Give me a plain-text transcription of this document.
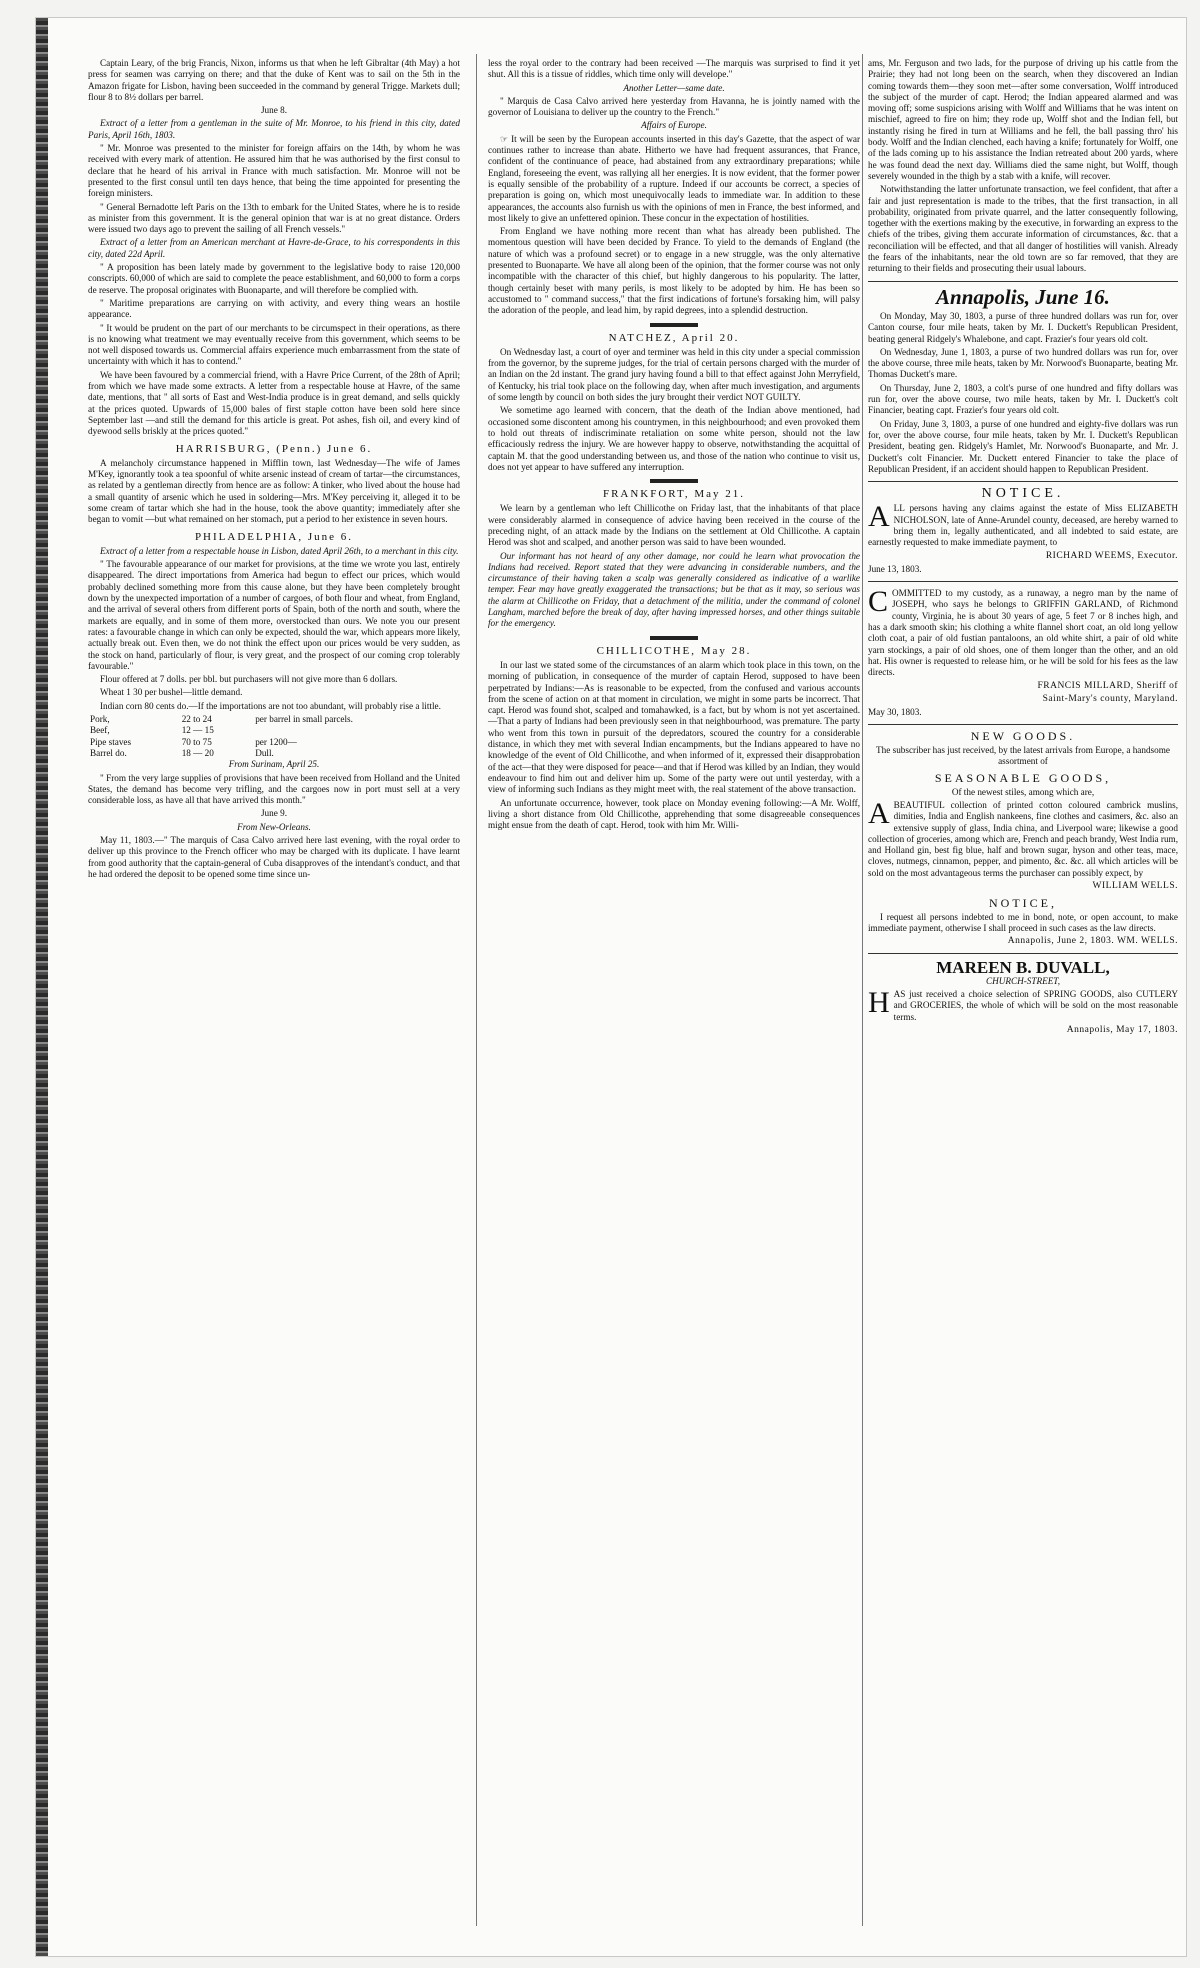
Captain Leary, of the brig Francis, Nixon, informs us that when he left Gibraltar (4th May) a hot press for seamen was carrying on there; and that the duke of Kent was to sail on the 5th in the Amazon frigate for Lisbon, having been succeeded in the command by general Trigge. Markets dull; flour 8 to 8½ dollars per barrel.

June 8.

Extract of a letter from a gentleman in the suite of Mr. Monroe, to his friend in this city, dated Paris, April 16th, 1803.

" Mr. Monroe was presented to the minister for foreign affairs on the 14th, by whom he was received with every mark of attention. He assured him that he was authorised by the first consul to declare that he heard of his arrival in France with much satisfaction. Mr. Monroe will not be presented to the first consul until ten days hence, that being the time appointed for presenting the foreign ministers.

" General Bernadotte left Paris on the 13th to embark for the United States, where he is to reside as minister from this government. It is the general opinion that war is at no great distance. Orders were issued two days ago to prevent the sailing of all French vessels."

Extract of a letter from an American merchant at Havre-de-Grace, to his correspondents in this city, dated 22d April.

" A proposition has been lately made by government to the legislative body to raise 120,000 conscripts. 60,000 of which are said to complete the peace establishment, and 60,000 to form a corps de reserve. The proposal originates with Buonaparte, and will therefore be complied with.

" Maritime preparations are carrying on with activity, and every thing wears an hostile appearance.

" It would be prudent on the part of our merchants to be circumspect in their operations, as there is no knowing what treatment we may eventually receive from this government, which seems to be not well disposed towards us. Commercial affairs experience much embarrassment from the state of uncertainty with which it has to contend."

We have been favoured by a commercial friend, with a Havre Price Current, of the 28th of April; from which we have made some extracts. A letter from a respectable house at Havre, of the same date, mentions, that " all sorts of East and West-India produce is in great demand, and sells quickly at the prices quoted. Upwards of 15,000 bales of first staple cotton have been sold here since September last —and still the demand for this article is great. Pot ashes, fish oil, and every kind of dyewood sells briskly at the prices quoted."

HARRISBURG, (Penn.) June 6.

A melancholy circumstance happened in Mifflin town, last Wednesday—The wife of James M'Key, ignorantly took a tea spoonful of white arsenic instead of cream of tartar—the circumstances, as related by a gentleman directly from hence are as follow: A tinker, who lived about the house had a small quantity of arsenic which he used in soldering—Mrs. M'Key perceiving it, alleged it to be some cream of tartar which she had in the house, took the above quantity; immediately after she began to vomit —but what remained on her stomach, put a period to her existence in seven hours.

PHILADELPHIA, June 6.

Extract of a letter from a respectable house in Lisbon, dated April 26th, to a merchant in this city.

" The favourable appearance of our market for provisions, at the time we wrote you last, entirely disappeared. The direct importations from America had begun to effect our prices, which would probably declined something more from this cause alone, but they have been completely brought down by the unexpected importation of a number of cargoes, of both flour and wheat, from England, and the arrival of several others from different ports of Spain, both of the north and south, where the markets are equally, and in some of them more, overstocked than ours. We note you our present rates: a favourable change in which can only be expected, should the war, which appears more likely, actually break out. Even then, we do not think the effect upon our prices would be very sudden, as the stock on hand, particularly of flour, is very great, and the prospect of our coming crop tolerably favourable."

Flour offered at 7 dolls. per bbl. but purchasers will not give more than 6 dollars.

Wheat 1 30 per bushel—little demand.

Indian corn 80 cents do.—If the importations are not too abundant, will probably rise a little.

Pork,	22 to 24	per barrel in small parcels.
Beef,	12 — 15	
Pipe staves	70 to 75	per 1200—
Barrel do.	18 — 20	Dull.

From Surinam, April 25.

" From the very large supplies of provisions that have been received from Holland and the United States, the demand has become very trifling, and the cargoes now in port must sell at a very considerable loss, as have all that have arrived this month."

June 9.

From New-Orleans.

May 11, 1803.—" The marquis of Casa Calvo arrived here last evening, with the royal order to deliver up this province to the French officer who may be charged with its duplicate. I have learnt from good authority that the captain-general of Cuba disapproves of the intendant's conduct, and that he had ordered the deposit to be opened some time since un-

less the royal order to the contrary had been received —The marquis was surprised to find it yet shut. All this is a tissue of riddles, which time only will develope."

Another Letter—same date.

" Marquis de Casa Calvo arrived here yesterday from Havanna, he is jointly named with the governor of Louisiana to deliver up the country to the French."

Affairs of Europe.

☞ It will be seen by the European accounts inserted in this day's Gazette, that the aspect of war continues rather to increase than abate. Hitherto we have had frequent assurances, that France, confident of the continuance of peace, had abstained from any extraordinary preparations; while England, foreseeing the event, was rallying all her energies. It is now evident, that the former power is equally sensible of the probability of a rupture. Indeed if our accounts be correct, a species of preparation is going on, which most unequivocally leads to immediate war. In addition to these appearances, the accounts also furnish us with the opinions of men in France, the best informed, and most likely to give an unfettered opinion. These concur in the expectation of hostilities.

From England we have nothing more recent than what has already been published. The momentous question will have been decided by France. To yield to the demands of England (the nature of which was a profound secret) or to engage in a new struggle, was the only alternative presented to Buonaparte. We have all along been of the opinion, that the former course was not only incompatible with the character of this chief, but highly dangerous to his popularity. The latter, though certainly beset with many perils, is most likely to be adopted by him. He has been so accustomed to " command success," that the first indications of fortune's forsaking him, will palsy the adoration of the people, and lead him, by rapid degrees, into a splendid destruction.

NATCHEZ, April 20.

On Wednesday last, a court of oyer and terminer was held in this city under a special commission from the governor, by the supreme judges, for the trial of certain persons charged with the murder of an Indian on the 2d instant. The grand jury having found a bill to that effect against John Merryfield, of Kentucky, his trial took place on the following day, when after much investigation, and arguments of some length by council on both sides the jury brought their verdict NOT GUILTY.

We sometime ago learned with concern, that the death of the Indian above mentioned, had occasioned some discontent among his countrymen, in this neighbourhood; and even provoked them to hold out threats of indiscriminate retaliation on some white person, should not the law efficaciously redress the injury. We are however happy to observe, notwithstanding the acquittal of captain M. that the good understanding between us, and those of the nation who continue to visit us, does not yet appear to have suffered any interruption.

FRANKFORT, May 21.

We learn by a gentleman who left Chillicothe on Friday last, that the inhabitants of that place were considerably alarmed in consequence of advice having been received in the course of the preceding night, of an attack made by the Indians on the settlement at Old Chillicothe. A captain Herod was shot and scalped, and another person was said to have been wounded.

Our informant has not heard of any other damage, nor could he learn what provocation the Indians had received. Report stated that they were advancing in considerable numbers, and the circumstance of their having taken a scalp was generally considered as indicative of a warlike temper. Fear may have greatly exaggerated the transactions; but be that as it may, so serious was the alarm at Chillicothe on Friday, that a detachment of the militia, under the command of colonel Langham, marched before the break of day, after having impressed horses, and other things suitable for the emergency.

CHILLICOTHE, May 28.

In our last we stated some of the circumstances of an alarm which took place in this town, on the morning of publication, in consequence of the murder of captain Herod, supposed to have been perpetrated by Indians:—As is reasonable to be expected, from the confused and various accounts from the scene of action on at that moment in circulation, we might in some parts be incorrect. That capt. Herod was found shot, scalped and tomahawked, is a fact, but by whom is not yet ascertained.—That a party of Indians had been previously seen in that neighbourhood, was premature. The party who went from this town in pursuit of the depredators, scoured the country for a considerable distance, in which they met with several Indian encampments, but the Indians appeared to have no knowledge of the event of Old Chillicothe, and when informed of it, expressed their disapprobation of the act—that they were disposed for peace—and that if Herod was killed by an Indian, they would endeavour to find him out and deliver him up. Some of the party were out until yesterday, with a view of informing such Indians as they might meet with, the real statement of the above transaction.

An unfortunate occurrence, however, took place on Monday evening following:—A Mr. Wolff, living a short distance from Old Chillicothe, apprehending that some disagreeable consequences might ensue from the death of capt. Herod, took with him Mr. Willi-

ams, Mr. Ferguson and two lads, for the purpose of driving up his cattle from the Prairie; they had not long been on the search, when they discovered an Indian coming towards them—they soon met—after some conversation, Wolff introduced the subject of the murder of capt. Herod; the Indian appeared alarmed and was moving off; some suspicions arising with Wolff and Williams that he was intent on mischief, agreed to fire on him; they rode up, Wolff shot and the Indian fell, but instantly rising he fired in turn at Williams and he fell, the ball passing thro' his body. Wolff and the Indian clenched, each having a knife; fortunately for Wolff, one of the lads coming up to his assistance the Indian retreated about 200 yards, where he was found dead the next day. Williams died the same night, but Wolff, though severely wounded in the thigh by a stab with a knife, will recover.

Notwithstanding the latter unfortunate transaction, we feel confident, that after a fair and just representation is made to the tribes, that the first transaction, in all probability, originated from private quarrel, and the latter consequently following, together with the exertions making by the executive, in forwarding an express to the chiefs of the tribes, giving them accurate information of circumstances, &c. that a reconciliation will be effected, and that all danger of hostilities will vanish. Already the fears of the inhabitants, near the old town are so far removed, that they are returning to their fields and prosecuting their usual labours.

Annapolis, June 16.

On Monday, May 30, 1803, a purse of three hundred dollars was run for, over Canton course, four mile heats, taken by Mr. I. Duckett's Republican President, beating general Ridgely's Whalebone, and capt. Frazier's four years old colt.

On Wednesday, June 1, 1803, a purse of two hundred dollars was run for, over the above course, three mile heats, taken by Mr. Norwood's Buonaparte, beating Mr. Thomas Duckett's mare.

On Thursday, June 2, 1803, a colt's purse of one hundred and fifty dollars was run for, over the above course, two mile heats, taken by Mr. I. Duckett's colt Financier, beating capt. Frazier's four years old colt.

On Friday, June 3, 1803, a purse of one hundred and eighty-five dollars was run for, over the above course, four mile heats, taken by Mr. I. Duckett's Republican President, beating gen. Ridgely's Hamlet, Mr. Norwood's Buonaparte, and Mr. J. Duckett's colt Financier. Mr. Duckett entered Financier to take the place of Republican President, if an accident should happen to Republican President.

NOTICE.

ALL persons having any claims against the estate of Miss ELIZABETH NICHOLSON, late of Anne-Arundel county, deceased, are hereby warned to bring them in, legally authenticated, and all indebted to said estate, are earnestly requested to make immediate payment, to

RICHARD WEEMS, Executor.

June 13, 1803.

COMMITTED to my custody, as a runaway, a negro man by the name of JOSEPH, who says he belongs to GRIFFIN GARLAND, of Richmond county, Virginia, he is about 30 years of age, 5 feet 7 or 8 inches high, and has a dark smooth skin; his clothing a white flannel short coat, an old long yellow cloth coat, a pair of old fustian pantaloons, an old white shirt, a pair of old white yarn stockings, a pair of old shoes, one of them longer than the other, and an old hat. His owner is requested to release him, or he will be sold for his fees as the law directs.

FRANCIS MILLARD, Sheriff of

Saint-Mary's county, Maryland.

May 30, 1803.

NEW GOODS.

The subscriber has just received, by the latest arrivals from Europe, a handsome assortment of

SEASONABLE GOODS,

Of the newest stiles, among which are,

ABEAUTIFUL collection of printed cotton coloured cambrick muslins, dimities, India and English nankeens, fine clothes and casimers, &c. also an extensive supply of glass, India china, and Liverpool ware; likewise a good collection of groceries, among which are, French and peach brandy, West India rum, and Holland gin, best fig blue, half and brown sugar, hyson and other teas, mace, cloves, nutmegs, cinnamon, pepper, and pimento, &c. &c. all which articles will be sold on the most advantageous terms the purchaser can possibly expect, by

WILLIAM WELLS.

NOTICE,

I request all persons indebted to me in bond, note, or open account, to make immediate payment, otherwise I shall proceed in such cases as the law directs.

Annapolis, June 2, 1803. WM. WELLS.

MAREEN B. DUVALL,

CHURCH-STREET,

HAS just received a choice selection of SPRING GOODS, also CUTLERY and GROCERIES, the whole of which will be sold on the most reasonable terms.

Annapolis, May 17, 1803.
